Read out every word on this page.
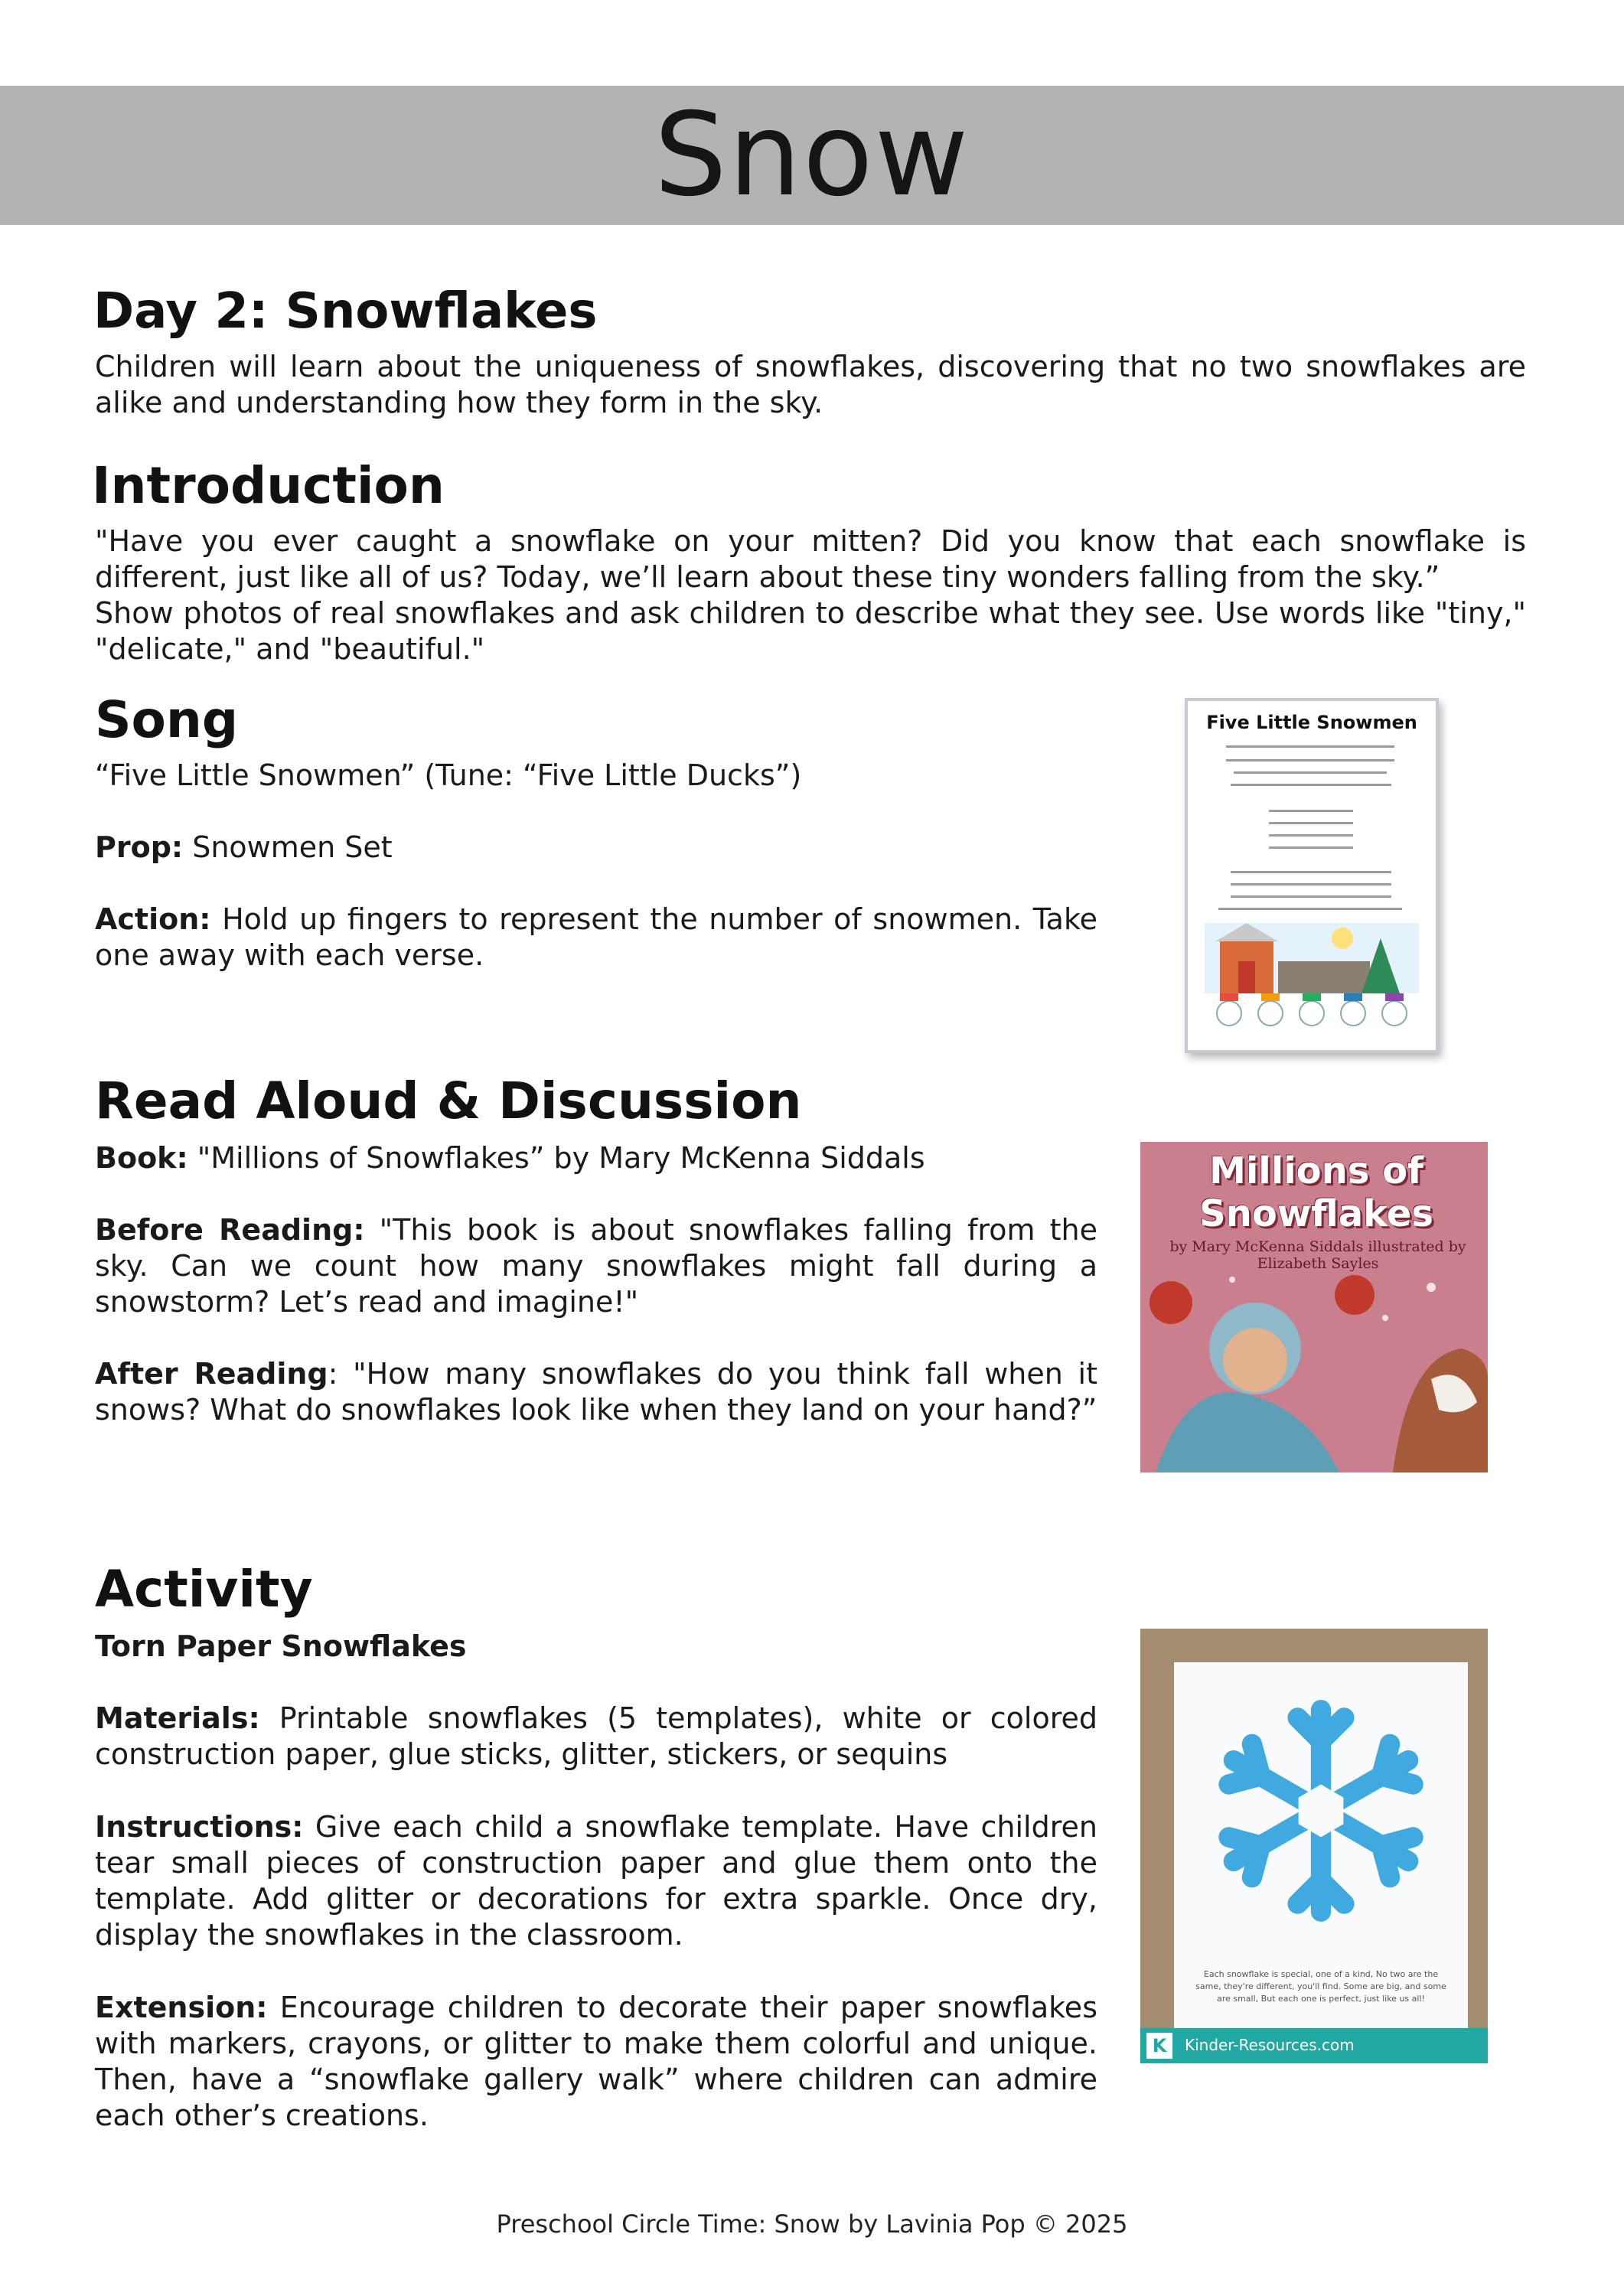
Snow
Day 2: Snowflakes

Children will learn about the uniqueness of snowflakes, discovering that no two snowflakes are alike and understanding how they form in the sky.

Introduction

"Have you ever caught a snowflake on your mitten? Did you know that each snowflake is different, just like all of us? Today, we’ll learn about these tiny wonders falling from the sky.”

Show photos of real snowflakes and ask children to describe what they see. Use words like "tiny," "delicate," and "beautiful."

Song

“Five Little Snowmen” (Tune: “Five Little Ducks”)

Prop: Snowmen Set

Action: Hold up fingers to represent the number of snowmen. Take one away with each verse.

Five Little Snowmen
Read Aloud & Discussion

Book: "Millions of Snowflakes” by Mary McKenna Siddals

Before Reading: "This book is about snowflakes falling from the sky. Can we count how many snowflakes might fall during a snowstorm? Let’s read and imagine!"

After Reading: "How many snowflakes do you think fall when it snows? What do snowflakes look like when they land on your hand?”

Millions of
Snowflakes
by Mary McKenna Siddals illustrated by Elizabeth Sayles
Activity

Torn Paper Snowflakes

Materials: Printable snowflakes (5 templates), white or colored construction paper, glue sticks, glitter, stickers, or sequins

Instructions: Give each child a snowflake template. Have children tear small pieces of construction paper and glue them onto the template. Add glitter or decorations for extra sparkle. Once dry, display the snowflakes in the classroom.

Extension: Encourage children to decorate their paper snowflakes with markers, crayons, or glitter to make them colorful and unique. Then, have a “snowflake gallery walk” where children can admire each other’s creations.

Each snowflake is special, one of a kind, No two are the same, they're different, you'll find. Some are big, and some are small, But each one is perfect, just like us all!
K	Kinder-Resources.com
Preschool Circle Time: Snow by Lavinia Pop © 2025
